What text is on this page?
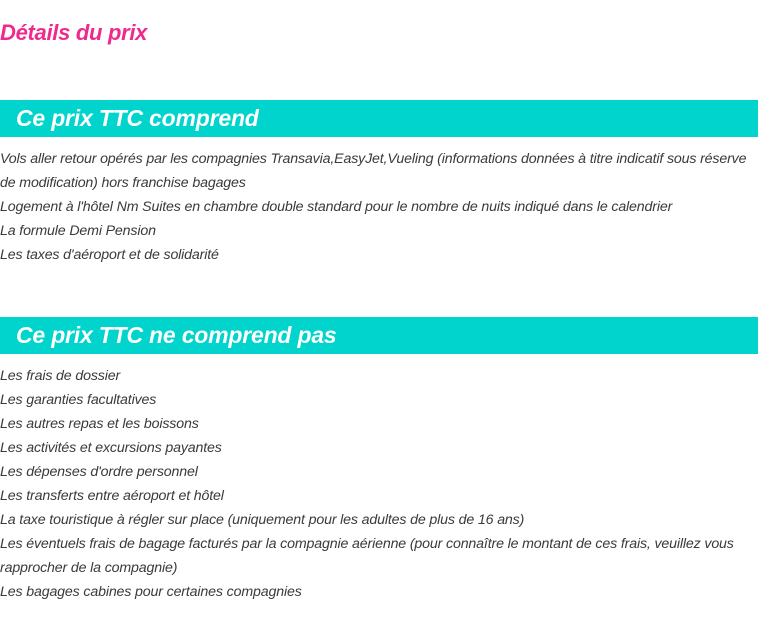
Détails du prix
Ce prix TTC comprend
Vols aller retour opérés par les compagnies Transavia,EasyJet,Vueling (informations données à titre indicatif sous réserve de modification) hors franchise bagages
Logement à l'hôtel Nm Suites en chambre double standard pour le nombre de nuits indiqué dans le calendrier
La formule Demi Pension
Les taxes d'aéroport et de solidarité
Ce prix TTC ne comprend pas
Les frais de dossier
Les garanties facultatives
Les autres repas et les boissons
Les activités et excursions payantes
Les dépenses d'ordre personnel
Les transferts entre aéroport et hôtel
La taxe touristique à régler sur place (uniquement pour les adultes de plus de 16 ans)
Les éventuels frais de bagage facturés par la compagnie aérienne (pour connaître le montant de ces frais, veuillez vous rapprocher de la compagnie)
Les bagages cabines pour certaines compagnies
